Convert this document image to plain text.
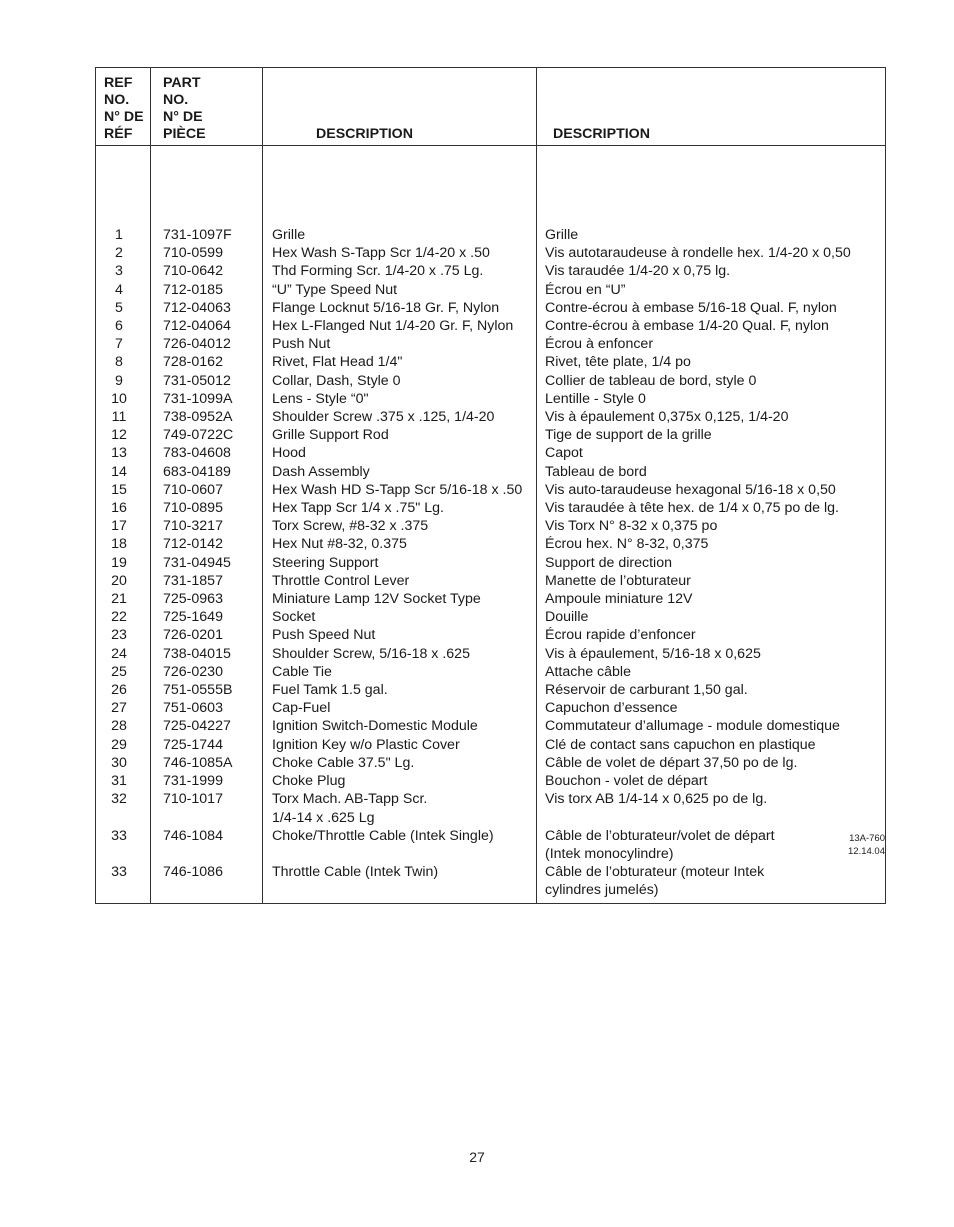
REF
NO.
N° DE
RÉF	PART
NO.
N° DE
PIÈCE	DESCRIPTION	DESCRIPTION
1	731-1097F	Grille	Grille

2	710-0599	Hex Wash S-Tapp Scr 1/4-20 x .50	Vis autotaraudeuse à rondelle hex. 1/4-20 x 0,50

3	710-0642	Thd Forming Scr. 1/4-20 x .75 Lg.	Vis taraudée 1/4-20 x 0,75 lg.

4	712-0185	“U” Type Speed Nut	Écrou en “U”

5	712-04063	Flange Locknut 5/16-18 Gr. F, Nylon	Contre-écrou à embase 5/16-18 Qual. F, nylon

6	712-04064	Hex L-Flanged Nut 1/4-20 Gr. F, Nylon	Contre-écrou à embase 1/4-20 Qual. F, nylon

7	726-04012	Push Nut	Écrou à enfoncer

8	728-0162	Rivet, Flat Head 1/4"	Rivet, tête plate, 1/4 po

9	731-05012	Collar, Dash, Style 0	Collier de tableau de bord, style 0

10	731-1099A	Lens - Style “0"	Lentille - Style 0

11	738-0952A	Shoulder Screw .375 x .125, 1/4-20	Vis à épaulement 0,375x 0,125, 1/4-20

12	749-0722C	Grille Support Rod	Tige de support de la grille

13	783-04608	Hood	Capot

14	683-04189	Dash Assembly	Tableau de bord

15	710-0607	Hex Wash HD S-Tapp Scr 5/16-18 x .50	Vis auto-taraudeuse hexagonal 5/16-18 x 0,50

16	710-0895	Hex Tapp Scr 1/4 x .75" Lg.	Vis taraudée à tête hex. de 1/4 x 0,75 po de lg.

17	710-3217	Torx Screw, #8-32 x .375	Vis Torx N° 8-32 x 0,375 po

18	712-0142	Hex Nut #8-32, 0.375	Écrou hex. N° 8-32, 0,375

19	731-04945	Steering Support	Support de direction

20	731-1857	Throttle Control Lever	Manette de l’obturateur

21	725-0963	Miniature Lamp 12V Socket Type	Ampoule miniature 12V

22	725-1649	Socket	Douille

23	726-0201	Push Speed Nut	Écrou rapide d’enfoncer

24	738-04015	Shoulder Screw, 5/16-18 x .625	Vis à épaulement, 5/16-18 x 0,625

25	726-0230	Cable Tie	Attache câble

26	751-0555B	Fuel Tamk 1.5 gal.	Réservoir de carburant 1,50 gal.

27	751-0603	Cap-Fuel	Capuchon d’essence

28	725-04227	Ignition Switch-Domestic Module	Commutateur d’allumage - module domestique

29	725-1744	Ignition Key w/o Plastic Cover	Clé de contact sans capuchon en plastique

30	746-1085A	Choke Cable 37.5" Lg.	Câble de volet de départ 37,50 po de lg.

31	731-1999	Choke Plug	Bouchon - volet de départ

32	710-1017	Torx Mach. AB-Tapp Scr.
1/4-14 x .625 Lg	Vis torx AB 1/4-14 x 0,625 po de lg.

33	746-1084	Choke/Throttle Cable (Intek Single)	Câble de l’obturateur/volet de départ
(Intek monocylindre)

33	746-1086	Throttle Cable (Intek Twin)	Câble de l’obturateur (moteur Intek
cylindres jumelés)
13A-760
12.14.04
27
